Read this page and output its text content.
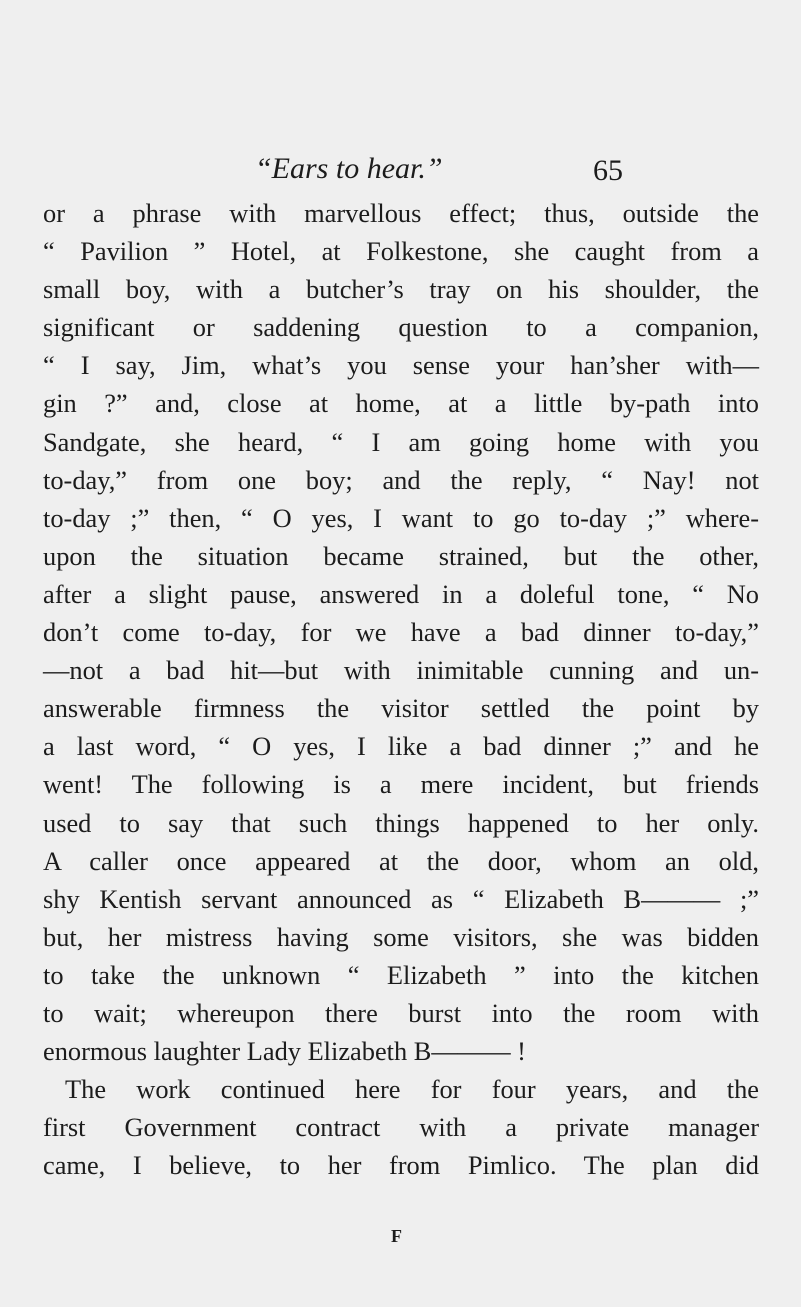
“Ears to hear.”	65
or a phrase with marvellous effect; thus, outside the
“ Pavilion ” Hotel, at Folkestone, she caught from a
small boy, with a butcher’s tray on his shoulder, the
significant or saddening question to a companion,
“ I say, Jim, what’s you sense your han’sher with—
gin ?” and, close at home, at a little by-path into
Sandgate, she heard, “ I am going home with you
to-day,” from one boy; and the reply, “ Nay! not
to-day ;” then, “ O yes, I want to go to-day ;” where-
upon the situation became strained, but the other,
after a slight pause, answered in a doleful tone, “ No
don’t come to-day, for we have a bad dinner to-day,”
—not a bad hit—but with inimitable cunning and un-
answerable firmness the visitor settled the point by
a last word, “ O yes, I like a bad dinner ;” and he
went! The following is a mere incident, but friends
used to say that such things happened to her only.
A caller once appeared at the door, whom an old,
shy Kentish servant announced as “ Elizabeth B——— ;”
but, her mistress having some visitors, she was bidden
to take the unknown “ Elizabeth ” into the kitchen
to wait; whereupon there burst into the room with
enormous laughter Lady Elizabeth B——— !
The work continued here for four years, and the
first Government contract with a private manager
came, I believe, to her from Pimlico. The plan did
F
